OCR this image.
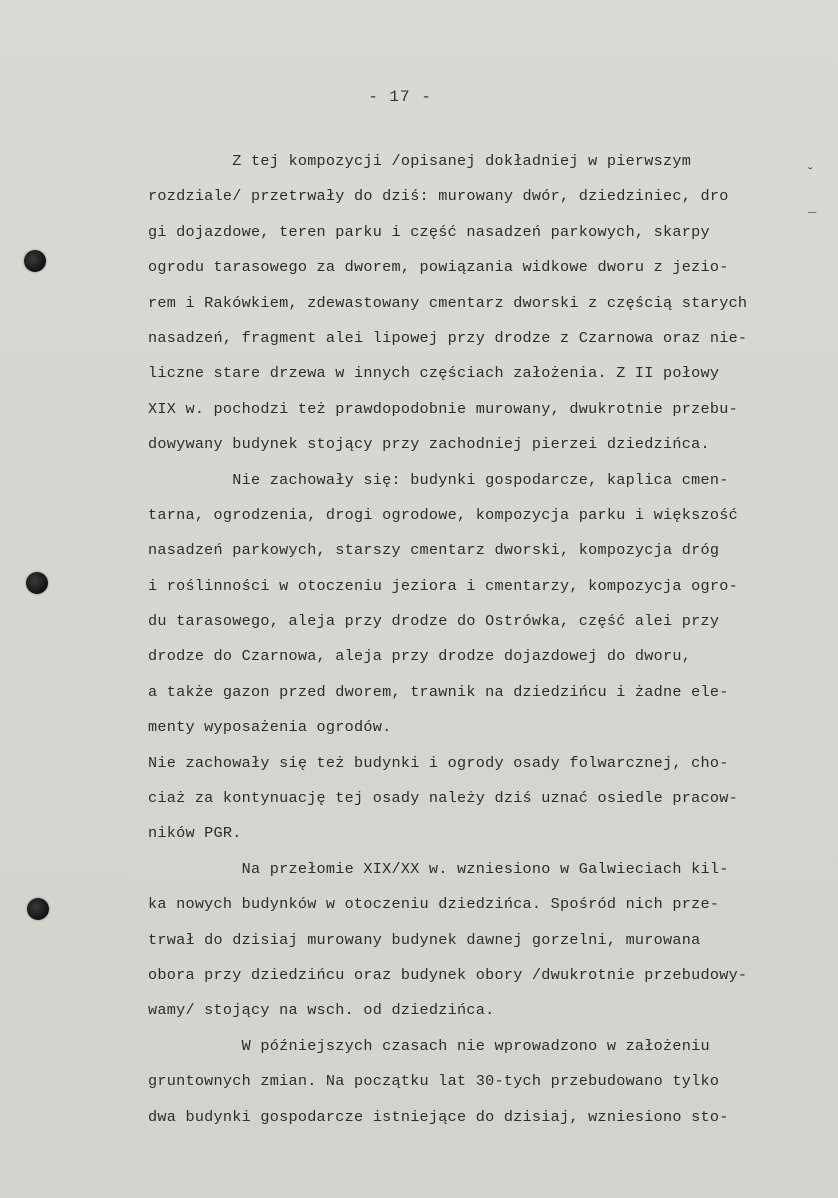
˘
_
- 17 -
Z tej kompozycji /opisanej dokładniej w pierwszym
rozdziale/ przetrwały do dziś: murowany dwór, dziedziniec, dro
gi dojazdowe, teren parku i część nasadzeń parkowych, skarpy
ogrodu tarasowego za dworem, powiązania widkowe dworu z jezio-
rem i Rakówkiem, zdewastowany cmentarz dworski z częścią starych
nasadzeń, fragment alei lipowej przy drodze z Czarnowa oraz nie-
liczne stare drzewa w innych częściach założenia. Z II połowy
XIX w. pochodzi też prawdopodobnie murowany, dwukrotnie przebu-
dowywany budynek stojący przy zachodniej pierzei dziedzińca.
Nie zachowały się: budynki gospodarcze, kaplica cmen-
tarna, ogrodzenia, drogi ogrodowe, kompozycja parku i większość
nasadzeń parkowych, starszy cmentarz dworski, kompozycja dróg
i roślinności w otoczeniu jeziora i cmentarzy, kompozycja ogro-
du tarasowego, aleja przy drodze do Ostrówka, część alei przy
drodze do Czarnowa, aleja przy drodze dojazdowej do dworu,
a także gazon przed dworem, trawnik na dziedzińcu i żadne ele-
menty wyposażenia ogrodów.
Nie zachowały się też budynki i ogrody osady folwarcznej, cho-
ciaż za kontynuację tej osady należy dziś uznać osiedle pracow-
ników PGR.
Na przełomie XIX/XX w. wzniesiono w Galwieciach kil-
ka nowych budynków w otoczeniu dziedzińca. Spośród nich prze-
trwał do dzisiaj murowany budynek dawnej gorzelni, murowana
obora przy dziedzińcu oraz budynek obory /dwukrotnie przebudowy-
wamy/ stojący na wsch. od dziedzińca.
W późniejszych czasach nie wprowadzono w założeniu
gruntownych zmian. Na początku lat 30-tych przebudowano tylko
dwa budynki gospodarcze istniejące do dzisiaj, wzniesiono sto-
